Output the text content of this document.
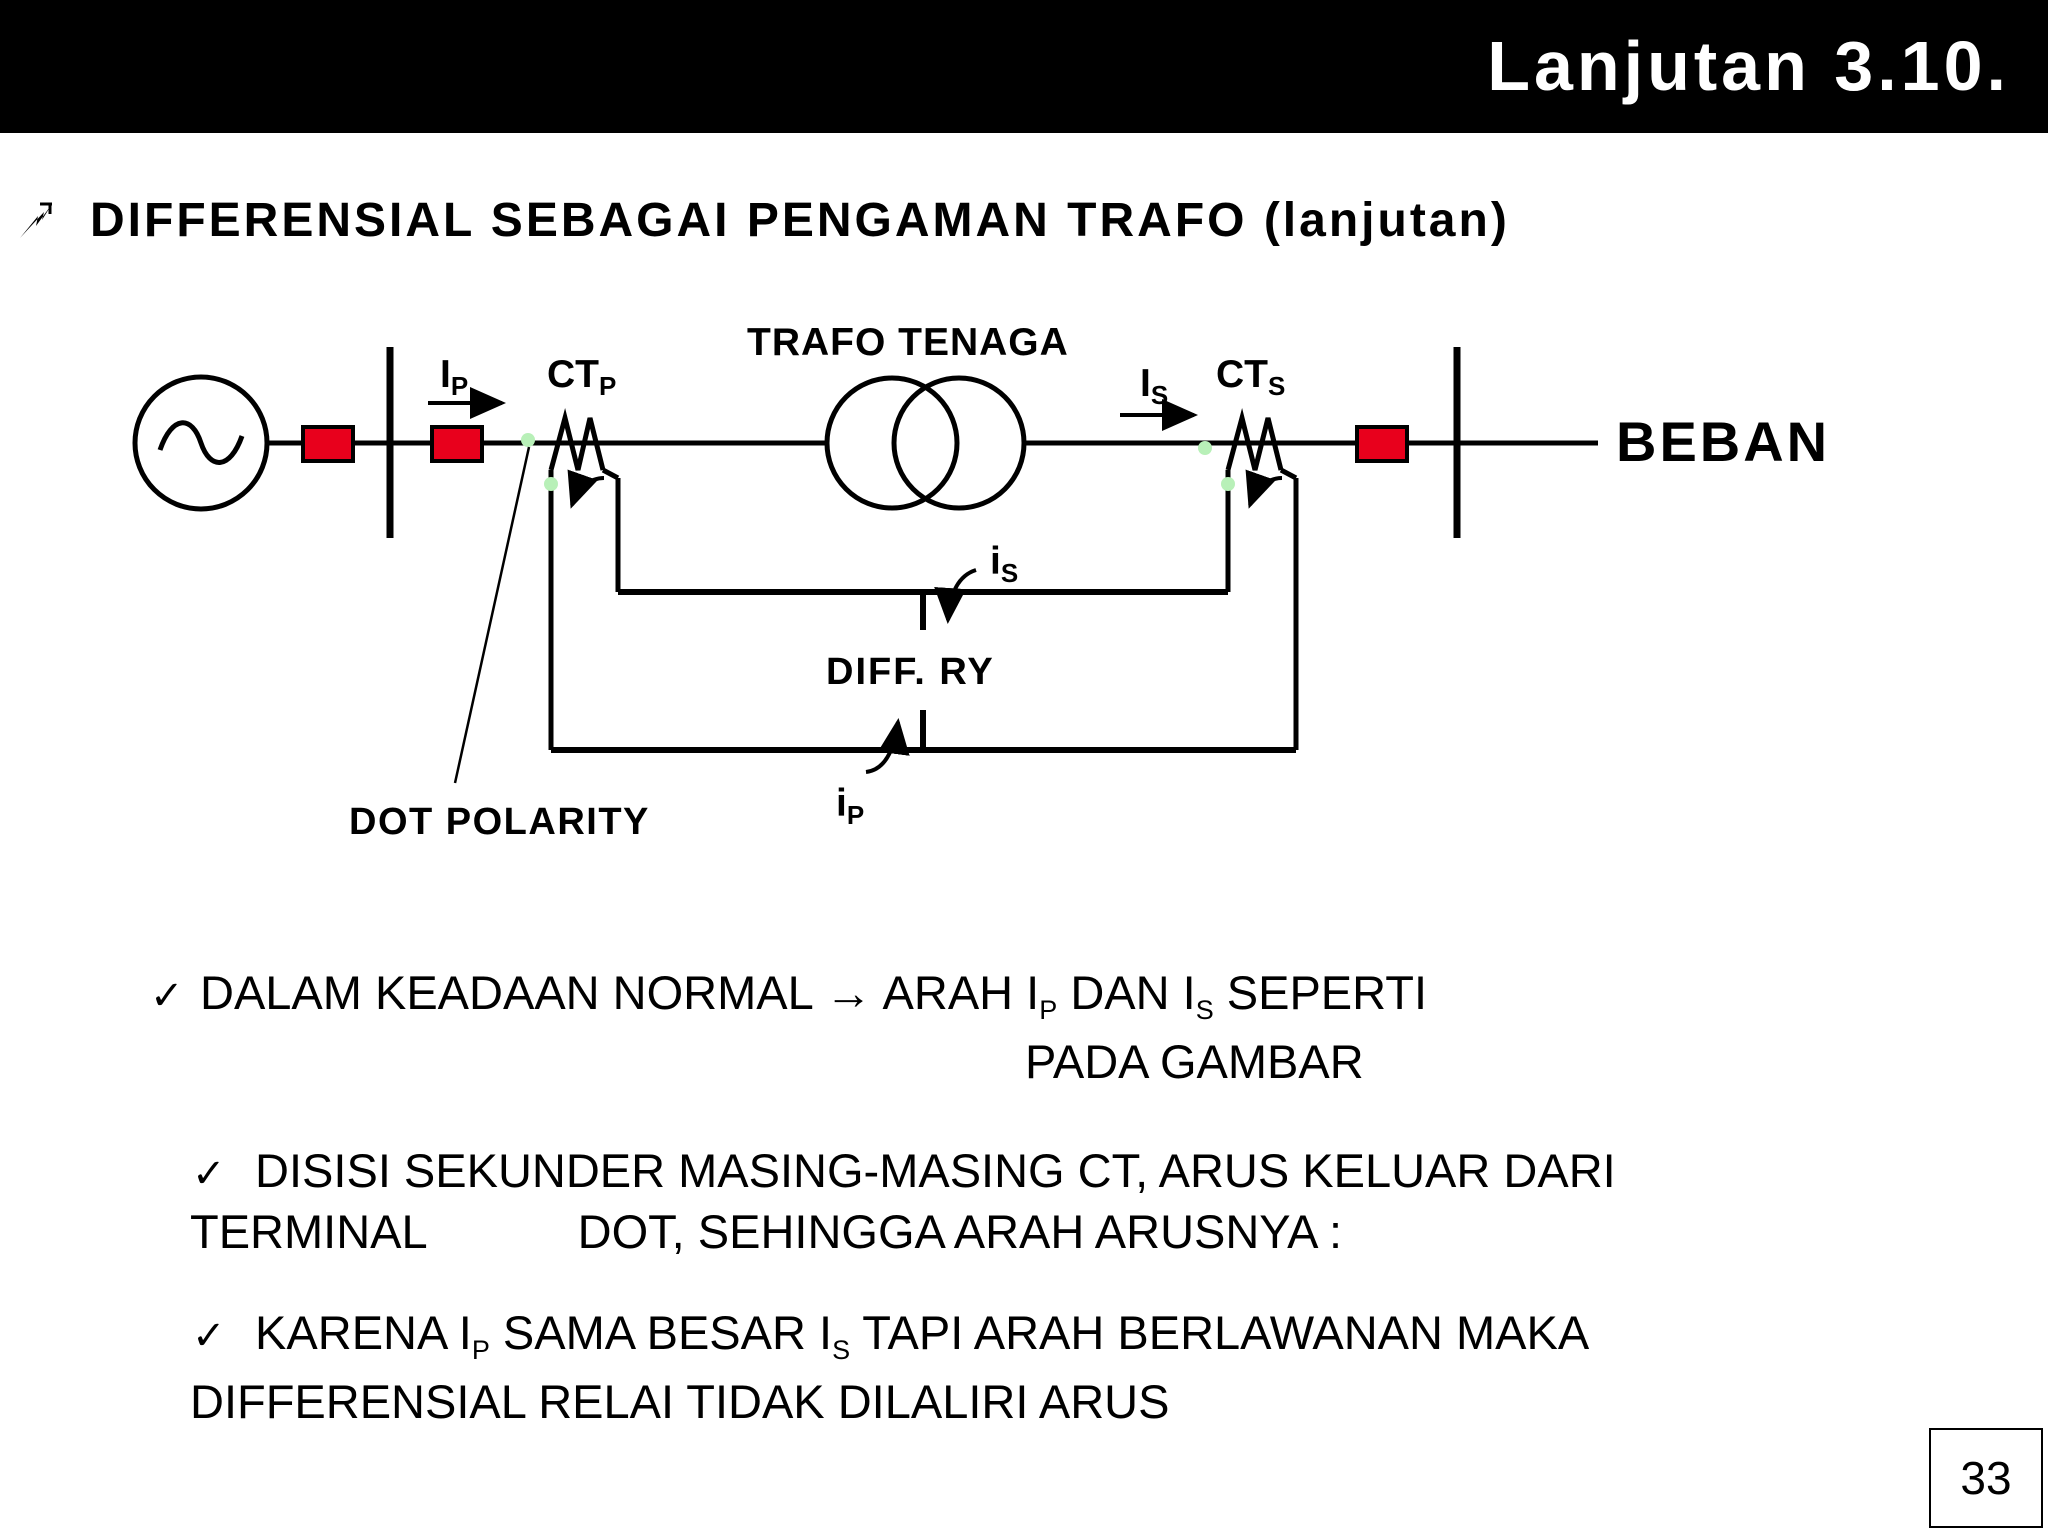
Lanjutan 3.10.
DIFFERENSIAL SEBAGAI PENGAMAN TRAFO (lanjutan)
TRAFO TENAGA
BEBAN
DIFF. RY
DOT POLARITY
$CT_P$	$CT_S$
$I_P$	$I_S$
$i_S$
$i_P$
✓ DALAM KEADAAN NORMAL → ARAH $I_P$ DAN $I_S$ SEPERTI
PADA GAMBAR
✓ DISISI SEKUNDER MASING-MASING CT, ARUS KELUAR DARI
TERMINAL	DOT, SEHINGGA ARAH ARUSNYA :
✓ KARENA $I_P$ SAMA BESAR $I_S$ TAPI ARAH BERLAWANAN MAKA
DIFFERENSIAL RELAI TIDAK DILALIRI ARUS
33
